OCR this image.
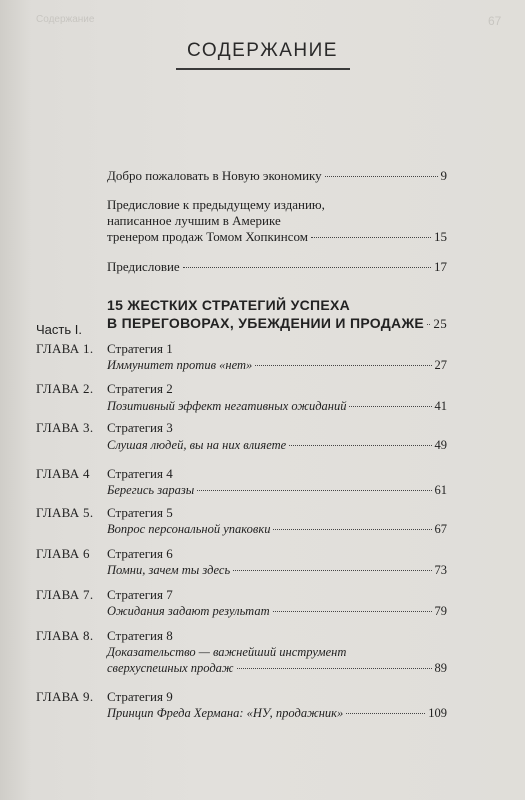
Содержание	67
СОДЕРЖАНИЕ
Добро пожаловать в Новую экономику	9
Предисловие к предыдущему изданию,
написанное лучшим в Америке
тренером продаж Томом Хопкинсом	15
Предисловие	17
Часть I.
15 ЖЕСТКИХ СТРАТЕГИЙ УСПЕХА
В ПЕРЕГОВОРАХ, УБЕЖДЕНИИ И ПРОДАЖЕ 25
ГЛАВА 1. Стратегия 1
Иммунитет против «нет»	27
ГЛАВА 2. Стратегия 2
Позитивный эффект негативных ожиданий	41
ГЛАВА 3. Стратегия 3
Слушая людей, вы на них влияете	49
ГЛАВА 4 Стратегия 4
Берегись заразы	61
ГЛАВА 5. Стратегия 5
Вопрос персональной упаковки	67
ГЛАВА 6 Стратегия 6
Помни, зачем ты здесь	73
ГЛАВА 7. Стратегия 7
Ожидания задают результат	79
ГЛАВА 8. Стратегия 8
Доказательство — важнейший инструмент
сверхуспешных продаж	89
ГЛАВА 9. Стратегия 9
Принцип Фреда Хермана: «НУ, продажник»	109
